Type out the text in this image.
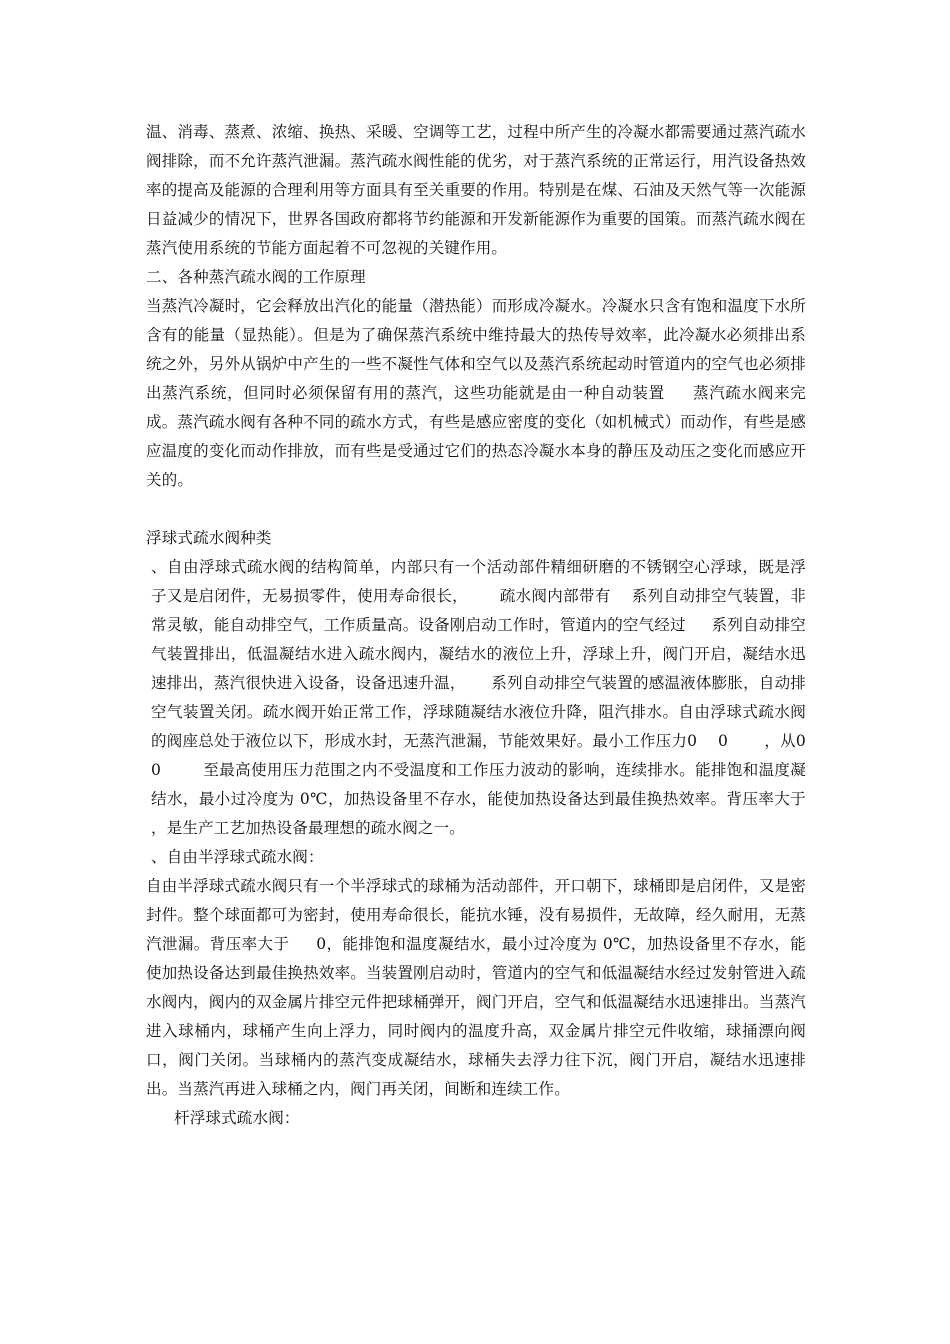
温、消毒、蒸煮、浓缩、换热、采暖、空调等工艺，过程中所产生的冷凝水都需要通过蒸汽疏水阀排除，而不允许蒸汽泄漏。蒸汽疏水阀性能的优劣，对于蒸汽系统的正常运行，用汽设备热效率的提高及能源的合理利用等方面具有至关重要的作用。特别是在煤、石油及天然气等一次能源日益减少的情况下，世界各国政府都将节约能源和开发新能源作为重要的国策。而蒸汽疏水阀在蒸汽使用系统的节能方面起着不可忽视的关键作用。

二、各种蒸汽疏水阀的工作原理

当蒸汽冷凝时，它会释放出汽化的能量（潜热能）而形成冷凝水。冷凝水只含有饱和温度下水所含有的能量（显热能）。但是为了确保蒸汽系统中维持最大的热传导效率，此冷凝水必须排出系统之外，另外从锅炉中产生的一些不凝性气体和空气以及蒸汽系统起动时管道内的空气也必须排出蒸汽系统，但同时必须保留有用的蒸汽，这些功能就是由一种自动装置     蒸汽疏水阀来完成。蒸汽疏水阀有各种不同的疏水方式，有些是感应密度的变化（如机械式）而动作，有些是感应温度的变化而动作排放，而有些是受通过它们的热态冷凝水本身的静压及动压之变化而感应开关的。

浮球式疏水阀种类

、自由浮球式疏水阀的结构简单，内部只有一个活动部件精细研磨的不锈钢空心浮球，既是浮子又是启闭件，无易损零件，使用寿命很长，      疏水阀内部带有    系列自动排空气装置，非常灵敏，能自动排空气，工作质量高。设备刚启动工作时，管道内的空气经过     系列自动排空气装置排出，低温凝结水进入疏水阀内，凝结水的液位上升，浮球上升，阀门开启，凝结水迅速排出，蒸汽很快进入设备，设备迅速升温，     系列自动排空气装置的感温液体膨胀，自动排空气装置关闭。疏水阀开始正常工作，浮球随凝结水液位升降，阻汽排水。自由浮球式疏水阀的阀座总处于液位以下，形成水封，无蒸汽泄漏，节能效果好。最小工作压力0    0       ，从0    0        至最高使用压力范围之内不受温度和工作压力波动的影响，连续排水。能排饱和温度凝结水，最小过冷度为 0℃，加热设备里不存水，能使加热设备达到最佳换热效率。背压率大于        ，是生产工艺加热设备最理想的疏水阀之一。

、自由半浮球式疏水阀：

自由半浮球式疏水阀只有一个半浮球式的球桶为活动部件，开口朝下，球桶即是启闭件，又是密封件。整个球面都可为密封，使用寿命很长，能抗水锤，没有易损件，无故障，经久耐用，无蒸汽泄漏。背压率大于     0，能排饱和温度凝结水，最小过冷度为 0℃，加热设备里不存水，能使加热设备达到最佳换热效率。当装置刚启动时，管道内的空气和低温凝结水经过发射管进入疏水阀内，阀内的双金属片排空元件把球桶弹开，阀门开启，空气和低温凝结水迅速排出。当蒸汽进入球桶内，球桶产生向上浮力，同时阀内的温度升高，双金属片排空元件收缩，球捅漂向阀口，阀门关闭。当球桶内的蒸汽变成凝结水，球桶失去浮力往下沉，阀门开启，凝结水迅速排出。当蒸汽再进入球桶之内，阀门再关闭，间断和连续工作。

杆浮球式疏水阀：
